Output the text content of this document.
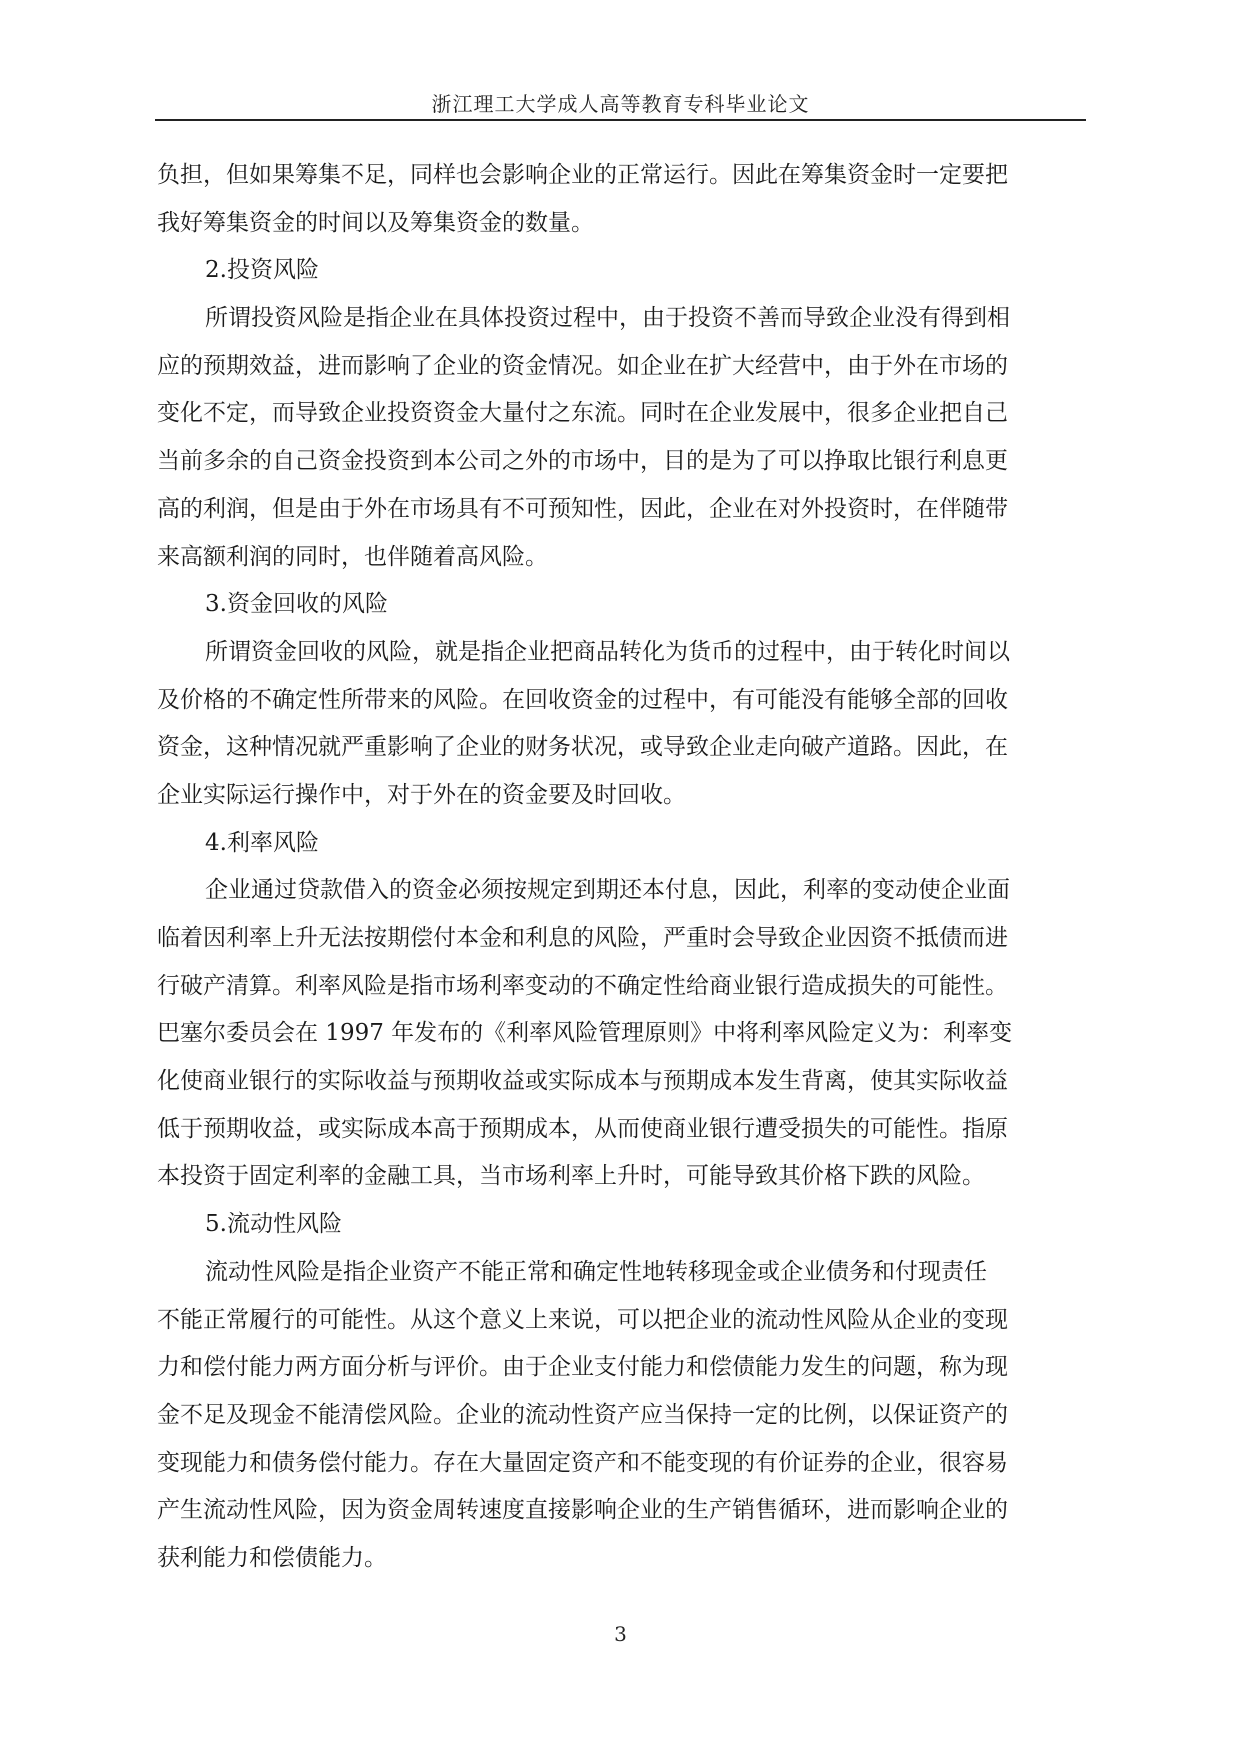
浙江理工大学成人高等教育专科毕业论文
负担，但如果筹集不足，同样也会影响企业的正常运行。因此在筹集资金时一定要把
我好筹集资金的时间以及筹集资金的数量。
2.投资风险
所谓投资风险是指企业在具体投资过程中，由于投资不善而导致企业没有得到相
应的预期效益，进而影响了企业的资金情况。如企业在扩大经营中，由于外在市场的
变化不定，而导致企业投资资金大量付之东流。同时在企业发展中，很多企业把自己
当前多余的自己资金投资到本公司之外的市场中，目的是为了可以挣取比银行利息更
高的利润，但是由于外在市场具有不可预知性，因此，企业在对外投资时，在伴随带
来高额利润的同时，也伴随着高风险。
3.资金回收的风险
所谓资金回收的风险，就是指企业把商品转化为货币的过程中，由于转化时间以
及价格的不确定性所带来的风险。在回收资金的过程中，有可能没有能够全部的回收
资金，这种情况就严重影响了企业的财务状况，或导致企业走向破产道路。因此，在
企业实际运行操作中，对于外在的资金要及时回收。
4.利率风险
企业通过贷款借入的资金必须按规定到期还本付息，因此，利率的变动使企业面
临着因利率上升无法按期偿付本金和利息的风险，严重时会导致企业因资不抵债而进
行破产清算。利率风险是指市场利率变动的不确定性给商业银行造成损失的可能性。
巴塞尔委员会在 1997 年发布的《利率风险管理原则》中将利率风险定义为：利率变
化使商业银行的实际收益与预期收益或实际成本与预期成本发生背离，使其实际收益
低于预期收益，或实际成本高于预期成本，从而使商业银行遭受损失的可能性。指原
本投资于固定利率的金融工具，当市场利率上升时，可能导致其价格下跌的风险。
5.流动性风险
流动性风险是指企业资产不能正常和确定性地转移现金或企业债务和付现责任
不能正常履行的可能性。从这个意义上来说，可以把企业的流动性风险从企业的变现
力和偿付能力两方面分析与评价。由于企业支付能力和偿债能力发生的问题，称为现
金不足及现金不能清偿风险。企业的流动性资产应当保持一定的比例，以保证资产的
变现能力和债务偿付能力。存在大量固定资产和不能变现的有价证券的企业，很容易
产生流动性风险，因为资金周转速度直接影响企业的生产销售循环，进而影响企业的
获利能力和偿债能力。
3
